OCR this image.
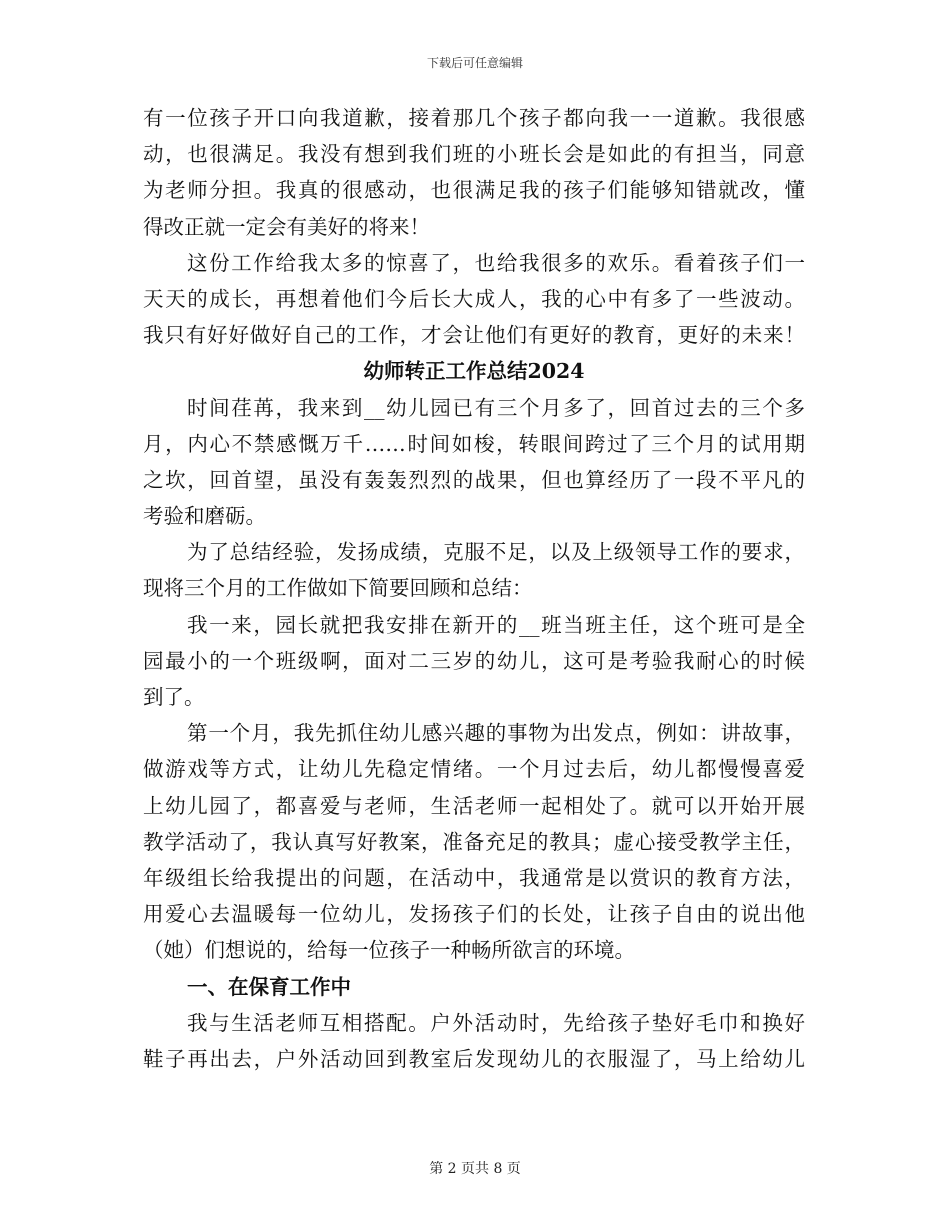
下载后可任意编辑
有一位孩子开口向我道歉，接着那几个孩子都向我一一道歉。我很感
动，也很满足。我没有想到我们班的小班长会是如此的有担当，同意
为老师分担。我真的很感动，也很满足我的孩子们能够知错就改，懂
得改正就一定会有美好的将来！
这份工作给我太多的惊喜了，也给我很多的欢乐。看着孩子们一
天天的成长，再想着他们今后长大成人，我的心中有多了一些波动。
我只有好好做好自己的工作，才会让他们有更好的教育，更好的未来！
幼师转正工作总结2024
时间荏苒，我来到__幼儿园已有三个月多了，回首过去的三个多
月，内心不禁感慨万千……时间如梭，转眼间跨过了三个月的试用期
之坎，回首望，虽没有轰轰烈烈的战果，但也算经历了一段不平凡的
考验和磨砺。
为了总结经验，发扬成绩，克服不足，以及上级领导工作的要求，
现将三个月的工作做如下简要回顾和总结：
我一来，园长就把我安排在新开的__班当班主任，这个班可是全
园最小的一个班级啊，面对二三岁的幼儿，这可是考验我耐心的时候
到了。
第一个月，我先抓住幼儿感兴趣的事物为出发点，例如：讲故事，
做游戏等方式，让幼儿先稳定情绪。一个月过去后，幼儿都慢慢喜爱
上幼儿园了，都喜爱与老师，生活老师一起相处了。就可以开始开展
教学活动了，我认真写好教案，准备充足的教具；虚心接受教学主任，
年级组长给我提出的问题，在活动中，我通常是以赏识的教育方法，
用爱心去温暖每一位幼儿，发扬孩子们的长处，让孩子自由的说出他
（她）们想说的，给每一位孩子一种畅所欲言的环境。
一、在保育工作中
我与生活老师互相搭配。户外活动时，先给孩子垫好毛巾和换好
鞋子再出去，户外活动回到教室后发现幼儿的衣服湿了，马上给幼儿
第 2 页共 8 页
